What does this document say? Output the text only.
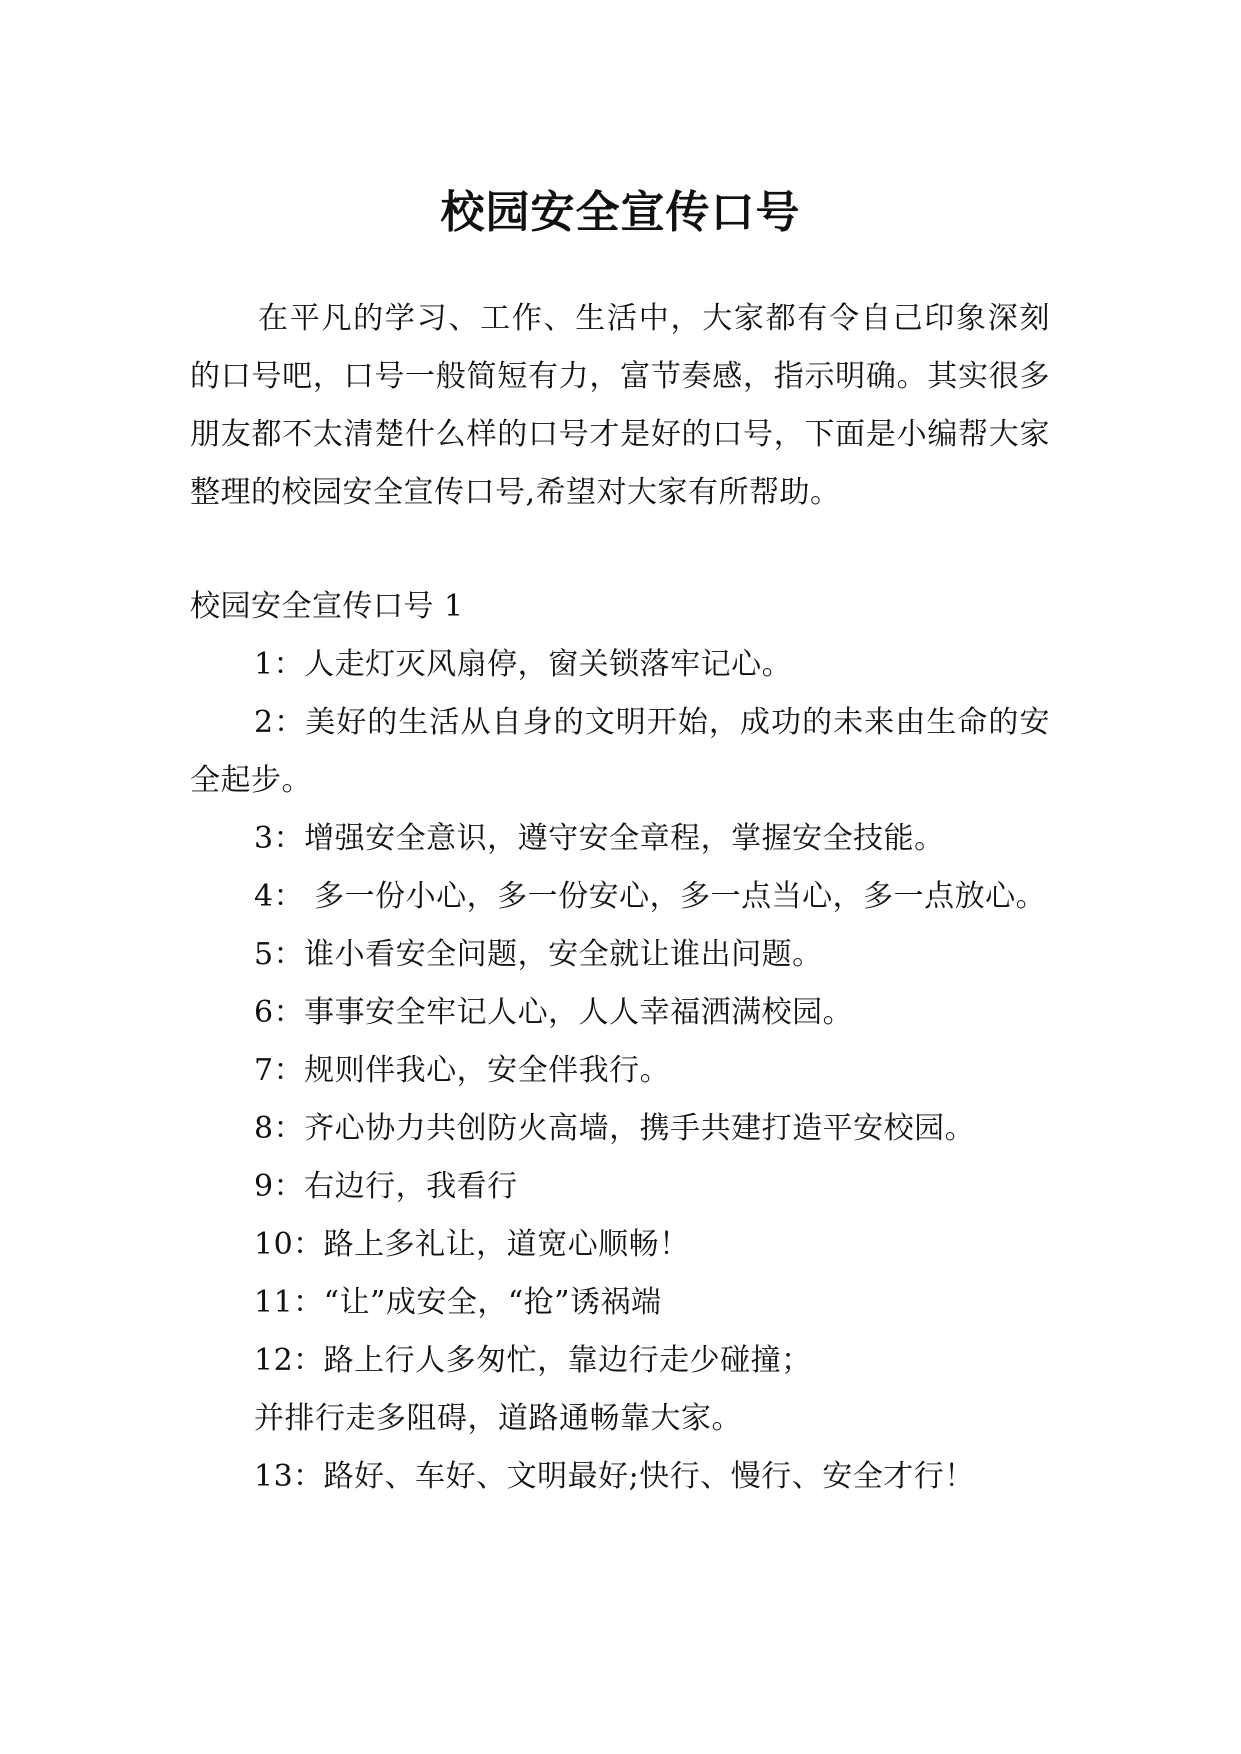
校园安全宣传口号

在平凡的学习、工作、生活中，大家都有令自己印象深刻的口号吧，口号一般简短有力，富节奏感，指示明确。其实很多朋友都不太清楚什么样的口号才是好的口号，下面是小编帮大家整理的校园安全宣传口号,希望对大家有所帮助。

校园安全宣传口号 1

1：人走灯灭风扇停，窗关锁落牢记心。
2：美好的生活从自身的文明开始，成功的未来由生命的安全起步。
3：增强安全意识，遵守安全章程，掌握安全技能。
4： 多一份小心，多一份安心，多一点当心，多一点放心。
5：谁小看安全问题，安全就让谁出问题。
6：事事安全牢记人心，人人幸福洒满校园。
7：规则伴我心，安全伴我行。
8：齐心协力共创防火高墙，携手共建打造平安校园。
9：右边行，我看行
10：路上多礼让，道宽心顺畅！
11：“让”成安全，“抢”诱祸端
12：路上行人多匆忙，靠边行走少碰撞；
并排行走多阻碍，道路通畅靠大家。
13：路好、车好、文明最好;快行、慢行、安全才行！
